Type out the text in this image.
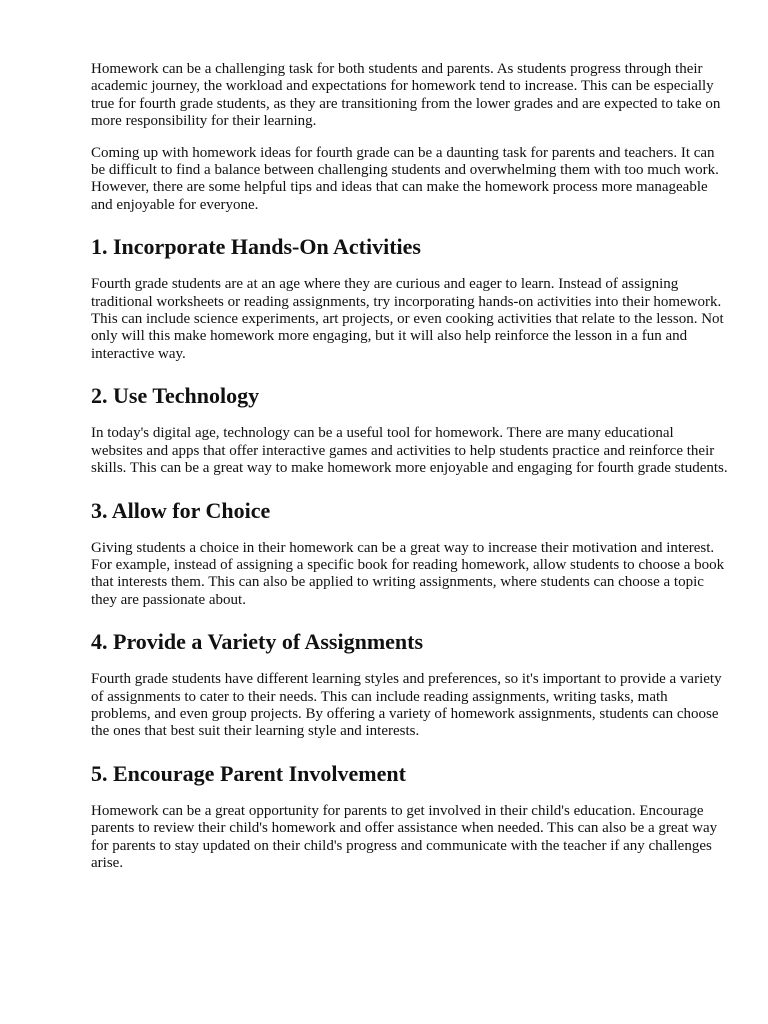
Homework can be a challenging task for both students and parents. As students progress through their academic journey, the workload and expectations for homework tend to increase. This can be especially true for fourth grade students, as they are transitioning from the lower grades and are expected to take on more responsibility for their learning.

Coming up with homework ideas for fourth grade can be a daunting task for parents and teachers. It can be difficult to find a balance between challenging students and overwhelming them with too much work. However, there are some helpful tips and ideas that can make the homework process more manageable and enjoyable for everyone.

1. Incorporate Hands-On Activities

Fourth grade students are at an age where they are curious and eager to learn. Instead of assigning traditional worksheets or reading assignments, try incorporating hands-on activities into their homework. This can include science experiments, art projects, or even cooking activities that relate to the lesson. Not only will this make homework more engaging, but it will also help reinforce the lesson in a fun and interactive way.

2. Use Technology

In today's digital age, technology can be a useful tool for homework. There are many educational websites and apps that offer interactive games and activities to help students practice and reinforce their skills. This can be a great way to make homework more enjoyable and engaging for fourth grade students.

3. Allow for Choice

Giving students a choice in their homework can be a great way to increase their motivation and interest. For example, instead of assigning a specific book for reading homework, allow students to choose a book that interests them. This can also be applied to writing assignments, where students can choose a topic they are passionate about.

4. Provide a Variety of Assignments

Fourth grade students have different learning styles and preferences, so it's important to provide a variety of assignments to cater to their needs. This can include reading assignments, writing tasks, math problems, and even group projects. By offering a variety of homework assignments, students can choose the ones that best suit their learning style and interests.

5. Encourage Parent Involvement

Homework can be a great opportunity for parents to get involved in their child's education. Encourage parents to review their child's homework and offer assistance when needed. This can also be a great way for parents to stay updated on their child's progress and communicate with the teacher if any challenges arise.
